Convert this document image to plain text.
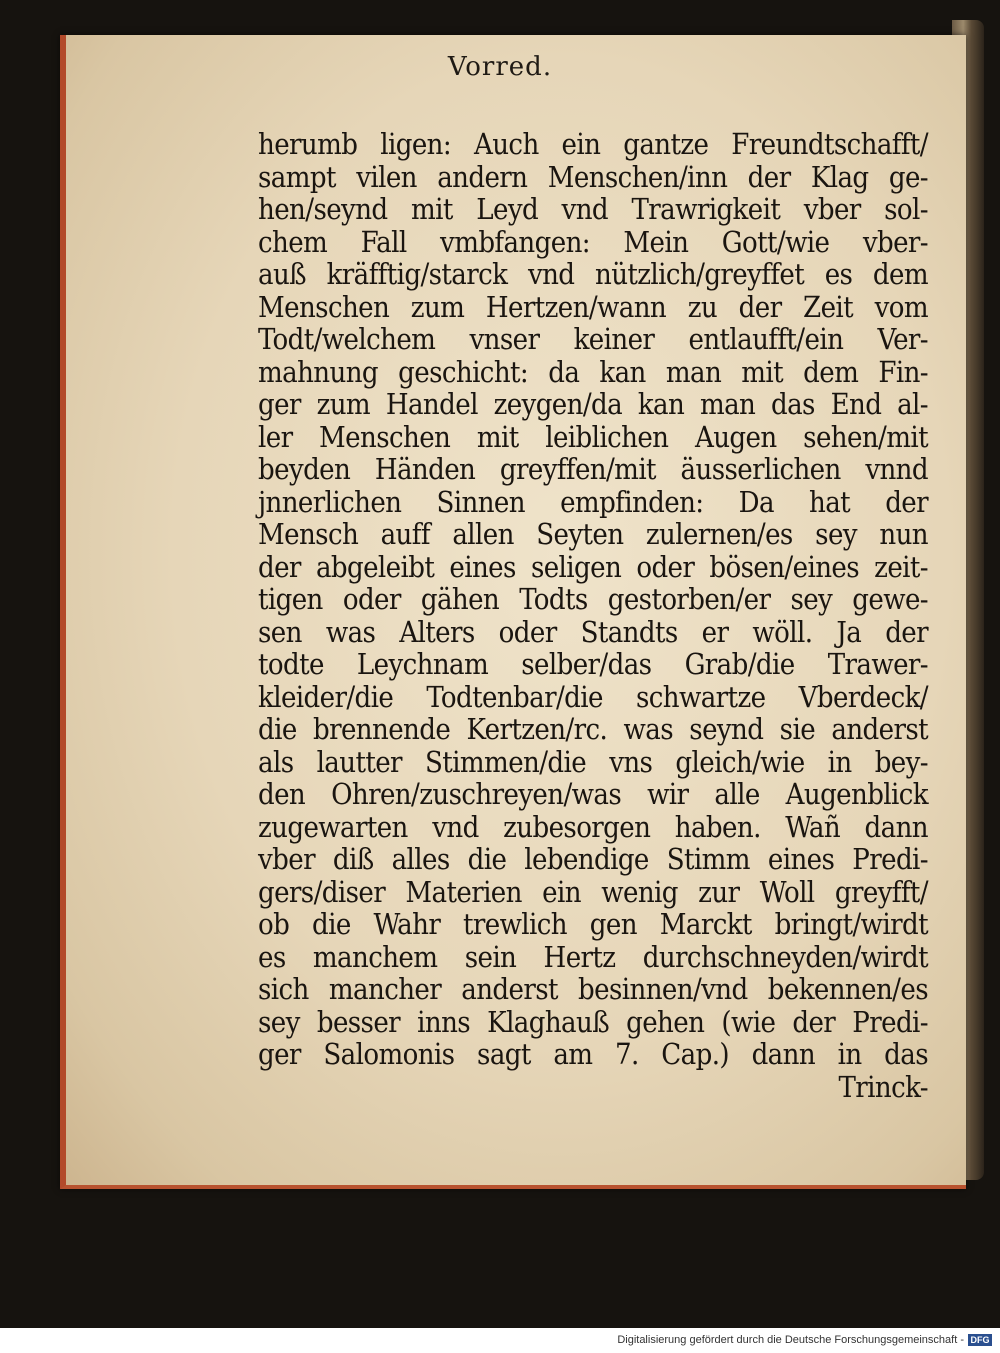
Vorred.
herumb ligen: Auch ein gantze Freundtschafft/
sampt vilen andern Menschen/inn der Klag ge-
hen/seynd mit Leyd vnd Trawrigkeit vber sol-
chem Fall vmbfangen: Mein Gott/wie vber-
auß kräfftig/starck vnd nützlich/greyffet es dem
Menschen zum Hertzen/wann zu der Zeit vom
Todt/welchem vnser keiner entlaufft/ein Ver-
mahnung geschicht: da kan man mit dem Fin-
ger zum Handel zeygen/da kan man das End al-
ler Menschen mit leiblichen Augen sehen/mit
beyden Händen greyffen/mit äusserlichen vnnd
jnnerlichen Sinnen empfinden: Da hat der
Mensch auff allen Seyten zulernen/es sey nun
der abgeleibt eines seligen oder bösen/eines zeit-
tigen oder gähen Todts gestorben/er sey gewe-
sen was Alters oder Standts er wöll. Ja der
todte Leychnam selber/das Grab/die Trawer-
kleider/die Todtenbar/die schwartze Vberdeck/
die brennende Kertzen/rc. was seynd sie anderst
als lautter Stimmen/die vns gleich/wie in bey-
den Ohren/zuschreyen/was wir alle Augenblick
zugewarten vnd zubesorgen haben. Wañ dann
vber diß alles die lebendige Stimm eines Predi-
gers/diser Materien ein wenig zur Woll greyfft/
ob die Wahr trewlich gen Marckt bringt/wirdt
es manchem sein Hertz durchschneyden/wirdt
sich mancher anderst besinnen/vnd bekennen/es
sey besser inns Klaghauß gehen (wie der Predi-
ger Salomonis sagt am 7. Cap.) dann in das
Trinck-
Digitalisierung gefördert durch die Deutsche Forschungsgemeinschaft - DFG
